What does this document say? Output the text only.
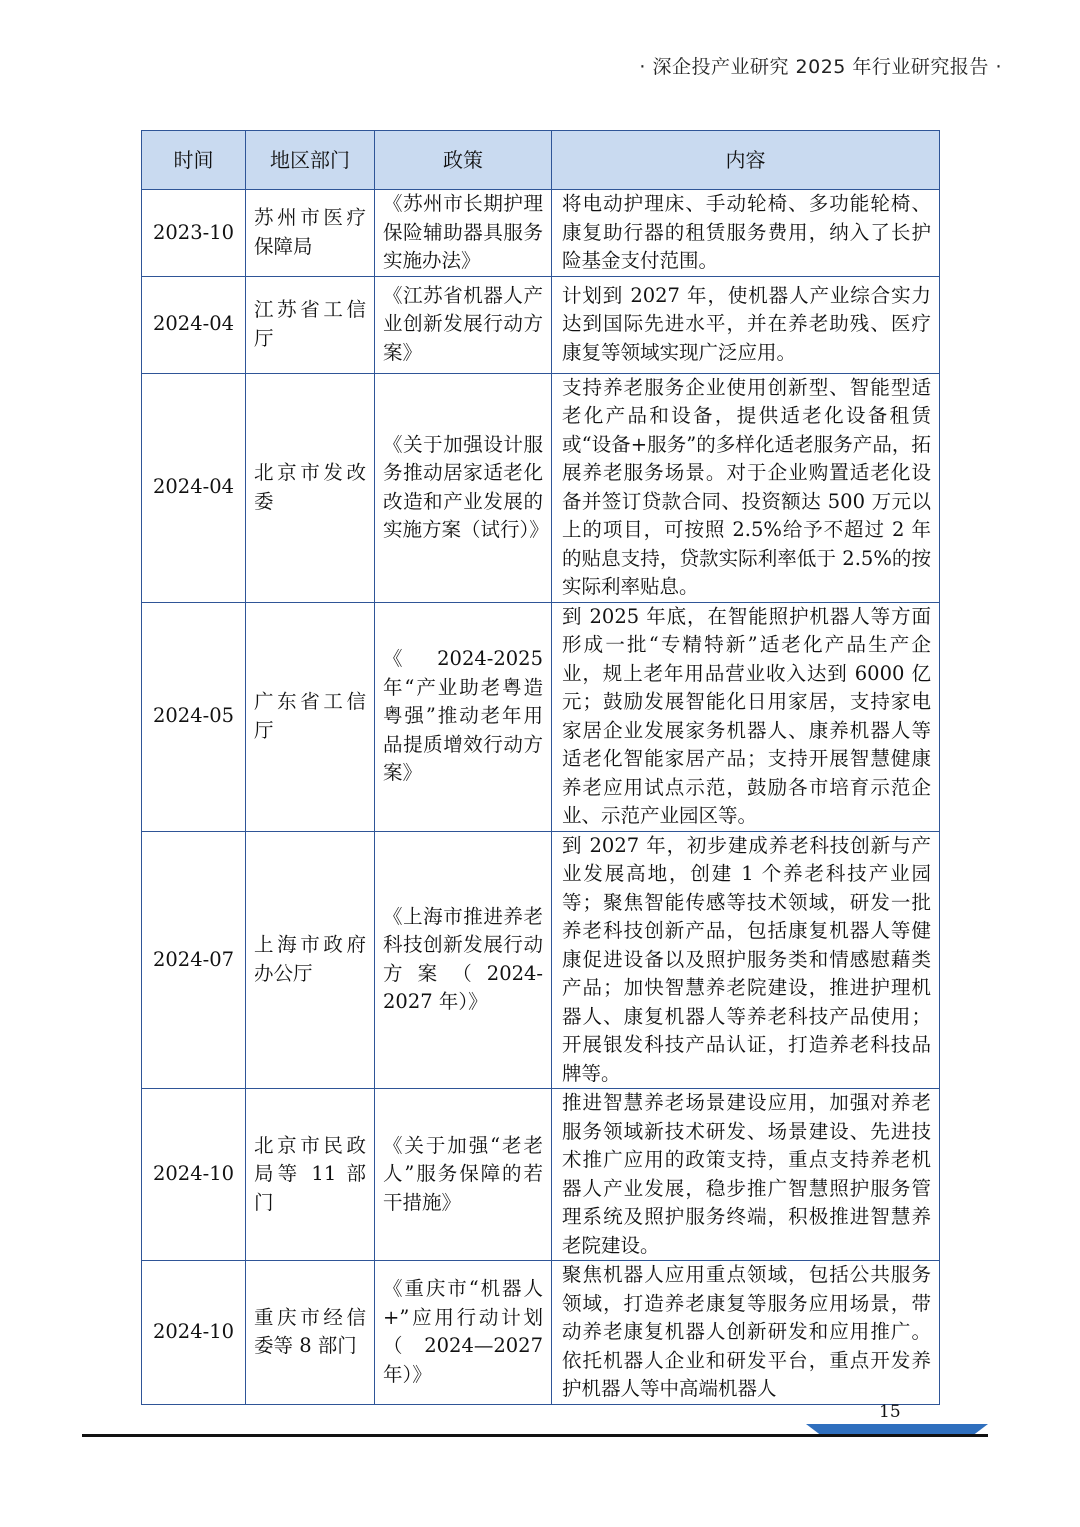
· 深企投产业研究 2025 年行业研究报告 ·
时间	地区部门	政策	内容
2023-10	苏州市医疗保障局	《苏州市长期护理保险辅助器具服务实施办法》	将电动护理床、手动轮椅、多功能轮椅、康复助行器的租赁服务费用，纳入了长护险基金支付范围。
2024-04	江苏省工信厅	《江苏省机器人产业创新发展行动方案》	计划到 2027 年，使机器人产业综合实力达到国际先进水平，并在养老助残、医疗康复等领域实现广泛应用。
2024-04	北京市发改委	《关于加强设计服务推动居家适老化改造和产业发展的实施方案（试行）》	支持养老服务企业使用创新型、智能型适老化产品和设备，提供适老化设备租赁或“设备+服务”的多样化适老服务产品，拓展养老服务场景。对于企业购置适老化设备并签订贷款合同、投资额达 500 万元以上的项目，可按照 2.5%给予不超过 2 年的贴息支持，贷款实际利率低于 2.5%的按实际利率贴息。
2024-05	广东省工信厅	《 2024-2025 年“产业助老粤造粤强”推动老年用品提质增效行动方案》	到 2025 年底，在智能照护机器人等方面形成一批“专精特新”适老化产品生产企业，规上老年用品营业收入达到 6000 亿元；鼓励发展智能化日用家居，支持家电家居企业发展家务机器人、康养机器人等适老化智能家居产品；支持开展智慧健康养老应用试点示范，鼓励各市培育示范企业、示范产业园区等。
2024-07	上海市政府办公厅	《上海市推进养老科技创新发展行动方案（2024-2027 年）》	到 2027 年，初步建成养老科技创新与产业发展高地，创建 1 个养老科技产业园等；聚焦智能传感等技术领域，研发一批养老科技创新产品，包括康复机器人等健康促进设备以及照护服务类和情感慰藉类产品；加快智慧养老院建设，推进护理机器人、康复机器人等养老科技产品使用；开展银发科技产品认证，打造养老科技品牌等。
2024-10	北京市民政局等 11 部门	《关于加强“老老人”服务保障的若干措施》	推进智慧养老场景建设应用，加强对养老服务领域新技术研发、场景建设、先进技术推广应用的政策支持，重点支持养老机器人产业发展，稳步推广智慧照护服务管理系统及照护服务终端，积极推进智慧养老院建设。
2024-10	重庆市经信委等 8 部门	《重庆市“机器人+”应用行动计划（2024—2027 年）》	聚焦机器人应用重点领域，包括公共服务领域，打造养老康复等服务应用场景，带动养老康复机器人创新研发和应用推广。依托机器人企业和研发平台，重点开发养护机器人等中高端机器人
15
